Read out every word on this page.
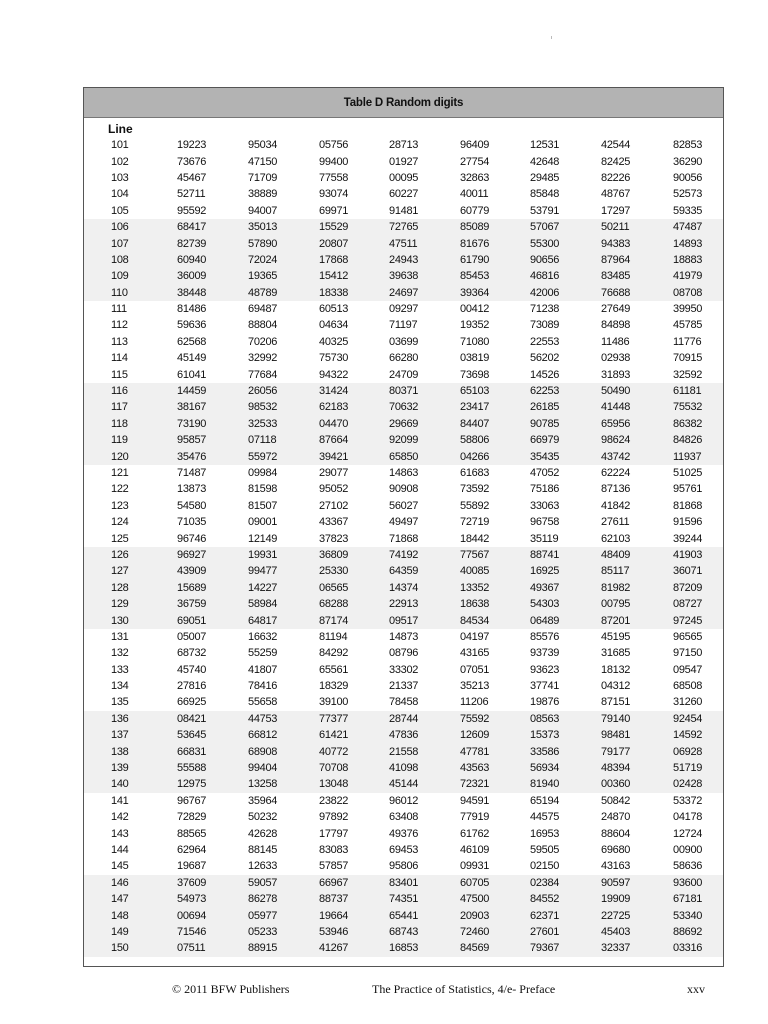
Table D Random digits
Line
101	19223	95034	05756	28713	96409	12531	42544	82853
102	73676	47150	99400	01927	27754	42648	82425	36290
103	45467	71709	77558	00095	32863	29485	82226	90056
104	52711	38889	93074	60227	40011	85848	48767	52573
105	95592	94007	69971	91481	60779	53791	17297	59335
106	68417	35013	15529	72765	85089	57067	50211	47487
107	82739	57890	20807	47511	81676	55300	94383	14893
108	60940	72024	17868	24943	61790	90656	87964	18883
109	36009	19365	15412	39638	85453	46816	83485	41979
110	38448	48789	18338	24697	39364	42006	76688	08708
111	81486	69487	60513	09297	00412	71238	27649	39950
112	59636	88804	04634	71197	19352	73089	84898	45785
113	62568	70206	40325	03699	71080	22553	11486	11776
114	45149	32992	75730	66280	03819	56202	02938	70915
115	61041	77684	94322	24709	73698	14526	31893	32592
116	14459	26056	31424	80371	65103	62253	50490	61181
117	38167	98532	62183	70632	23417	26185	41448	75532
118	73190	32533	04470	29669	84407	90785	65956	86382
119	95857	07118	87664	92099	58806	66979	98624	84826
120	35476	55972	39421	65850	04266	35435	43742	11937
121	71487	09984	29077	14863	61683	47052	62224	51025
122	13873	81598	95052	90908	73592	75186	87136	95761
123	54580	81507	27102	56027	55892	33063	41842	81868
124	71035	09001	43367	49497	72719	96758	27611	91596
125	96746	12149	37823	71868	18442	35119	62103	39244
126	96927	19931	36809	74192	77567	88741	48409	41903
127	43909	99477	25330	64359	40085	16925	85117	36071
128	15689	14227	06565	14374	13352	49367	81982	87209
129	36759	58984	68288	22913	18638	54303	00795	08727
130	69051	64817	87174	09517	84534	06489	87201	97245
131	05007	16632	81194	14873	04197	85576	45195	96565
132	68732	55259	84292	08796	43165	93739	31685	97150
133	45740	41807	65561	33302	07051	93623	18132	09547
134	27816	78416	18329	21337	35213	37741	04312	68508
135	66925	55658	39100	78458	11206	19876	87151	31260
136	08421	44753	77377	28744	75592	08563	79140	92454
137	53645	66812	61421	47836	12609	15373	98481	14592
138	66831	68908	40772	21558	47781	33586	79177	06928
139	55588	99404	70708	41098	43563	56934	48394	51719
140	12975	13258	13048	45144	72321	81940	00360	02428
141	96767	35964	23822	96012	94591	65194	50842	53372
142	72829	50232	97892	63408	77919	44575	24870	04178
143	88565	42628	17797	49376	61762	16953	88604	12724
144	62964	88145	83083	69453	46109	59505	69680	00900
145	19687	12633	57857	95806	09931	02150	43163	58636
146	37609	59057	66967	83401	60705	02384	90597	93600
147	54973	86278	88737	74351	47500	84552	19909	67181
148	00694	05977	19664	65441	20903	62371	22725	53340
149	71546	05233	53946	68743	72460	27601	45403	88692
150	07511	88915	41267	16853	84569	79367	32337	03316
© 2011 BFW Publishers	The Practice of Statistics, 4/e- Preface	xxv
